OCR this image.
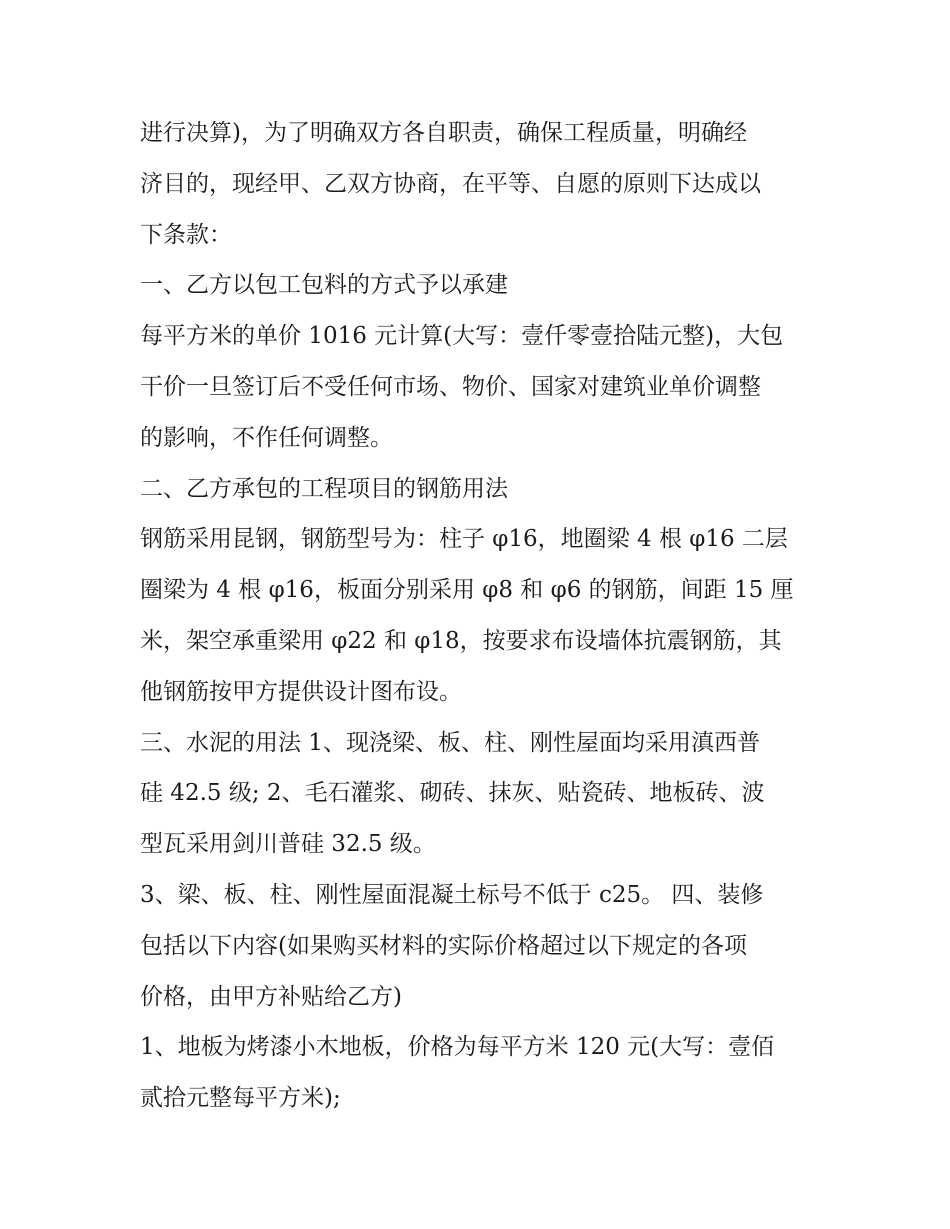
进行决算)，为了明确双方各自职责，确保工程质量，明确经
济目的，现经甲、乙双方协商，在平等、自愿的原则下达成以
下条款：
一、乙方以包工包料的方式予以承建
每平方米的单价 1016 元计算(大写：壹仟零壹拾陆元整)，大包
干价一旦签订后不受任何市场、物价、国家对建筑业单价调整
的影响，不作任何调整。
二、乙方承包的工程项目的钢筋用法
钢筋采用昆钢，钢筋型号为：柱子 φ16，地圈梁 4 根 φ16 二层
圈梁为 4 根 φ16，板面分别采用 φ8 和 φ6 的钢筋，间距 15 厘
米，架空承重梁用 φ22 和 φ18，按要求布设墙体抗震钢筋，其
他钢筋按甲方提供设计图布设。
三、水泥的用法 1、现浇梁、板、柱、刚性屋面均采用滇西普
硅 42.5 级; 2、毛石灌浆、砌砖、抹灰、贴瓷砖、地板砖、波
型瓦采用剑川普硅 32.5 级。
3、梁、板、柱、刚性屋面混凝土标号不低于 c25。 四、装修
包括以下内容(如果购买材料的实际价格超过以下规定的各项
价格，由甲方补贴给乙方)
1、地板为烤漆小木地板，价格为每平方米 120 元(大写：壹佰
贰拾元整每平方米);
